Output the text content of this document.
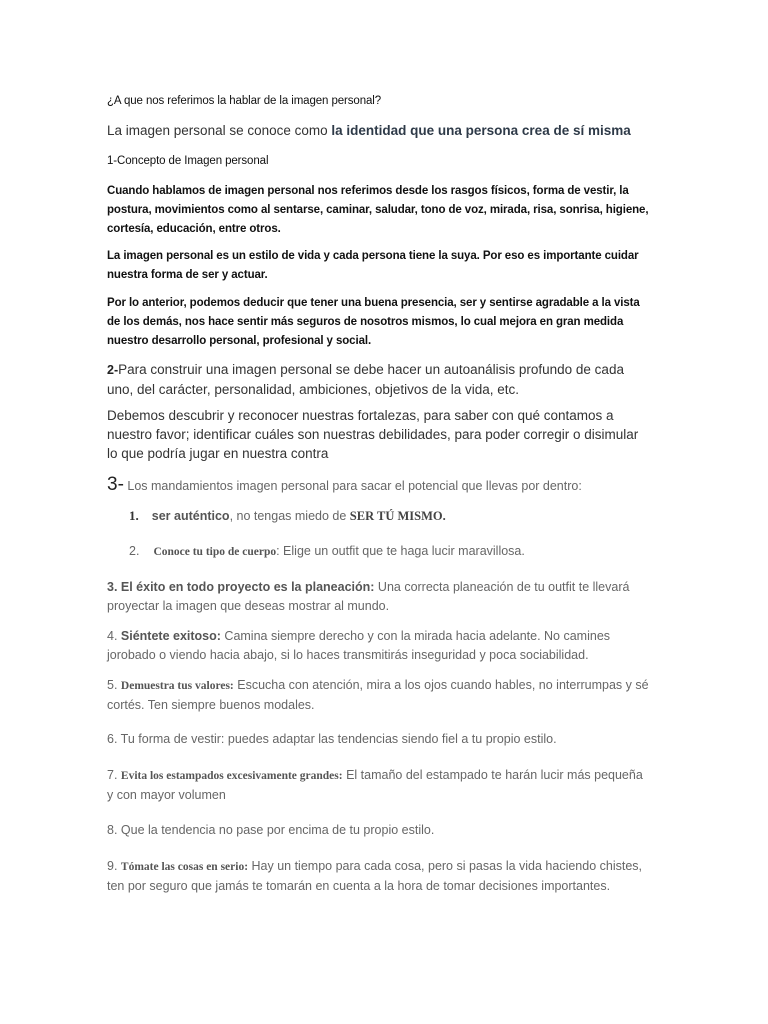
¿A que nos referimos la hablar de la imagen personal?

La imagen personal se conoce como la identidad que una persona crea de sí misma

1-Concepto de Imagen personal

Cuando hablamos de imagen personal nos referimos desde los rasgos físicos, forma de vestir, la postura, movimientos como al sentarse, caminar, saludar, tono de voz, mirada, risa, sonrisa, higiene, cortesía, educación, entre otros.

La imagen personal es un estilo de vida y cada persona tiene la suya. Por eso es importante cuidar nuestra forma de ser y actuar.

Por lo anterior, podemos deducir que tener una buena presencia, ser y sentirse agradable a la vista de los demás, nos hace sentir más seguros de nosotros mismos, lo cual mejora en gran medida nuestro desarrollo personal, profesional y social.

2-Para construir una imagen personal se debe hacer un autoanálisis profundo de cada uno, del carácter, personalidad, ambiciones, objetivos de la vida, etc.

Debemos descubrir y reconocer nuestras fortalezas, para saber con qué contamos a nuestro favor; identificar cuáles son nuestras debilidades, para poder corregir o disimular lo que podría jugar en nuestra contra

3- Los mandamientos imagen personal para sacar el potencial que llevas por dentro:

1. ser auténtico, no tengas miedo de SER TÚ MISMO.

2. Conoce tu tipo de cuerpo: Elige un outfit que te haga lucir maravillosa.

3. El éxito en todo proyecto es la planeación: Una correcta planeación de tu outfit te llevará proyectar la imagen que deseas mostrar al mundo.

4. Siéntete exitoso: Camina siempre derecho y con la mirada hacia adelante. No camines jorobado o viendo hacia abajo, si lo haces transmitirás inseguridad y poca sociabilidad.

5. Demuestra tus valores: Escucha con atención, mira a los ojos cuando hables, no interrumpas y sé cortés. Ten siempre buenos modales.

6. Tu forma de vestir: puedes adaptar las tendencias siendo fiel a tu propio estilo.

7. Evita los estampados excesivamente grandes: El tamaño del estampado te harán lucir más pequeña y con mayor volumen

8. Que la tendencia no pase por encima de tu propio estilo.

9. Tómate las cosas en serio: Hay un tiempo para cada cosa, pero si pasas la vida haciendo chistes, ten por seguro que jamás te tomarán en cuenta a la hora de tomar decisiones importantes.
